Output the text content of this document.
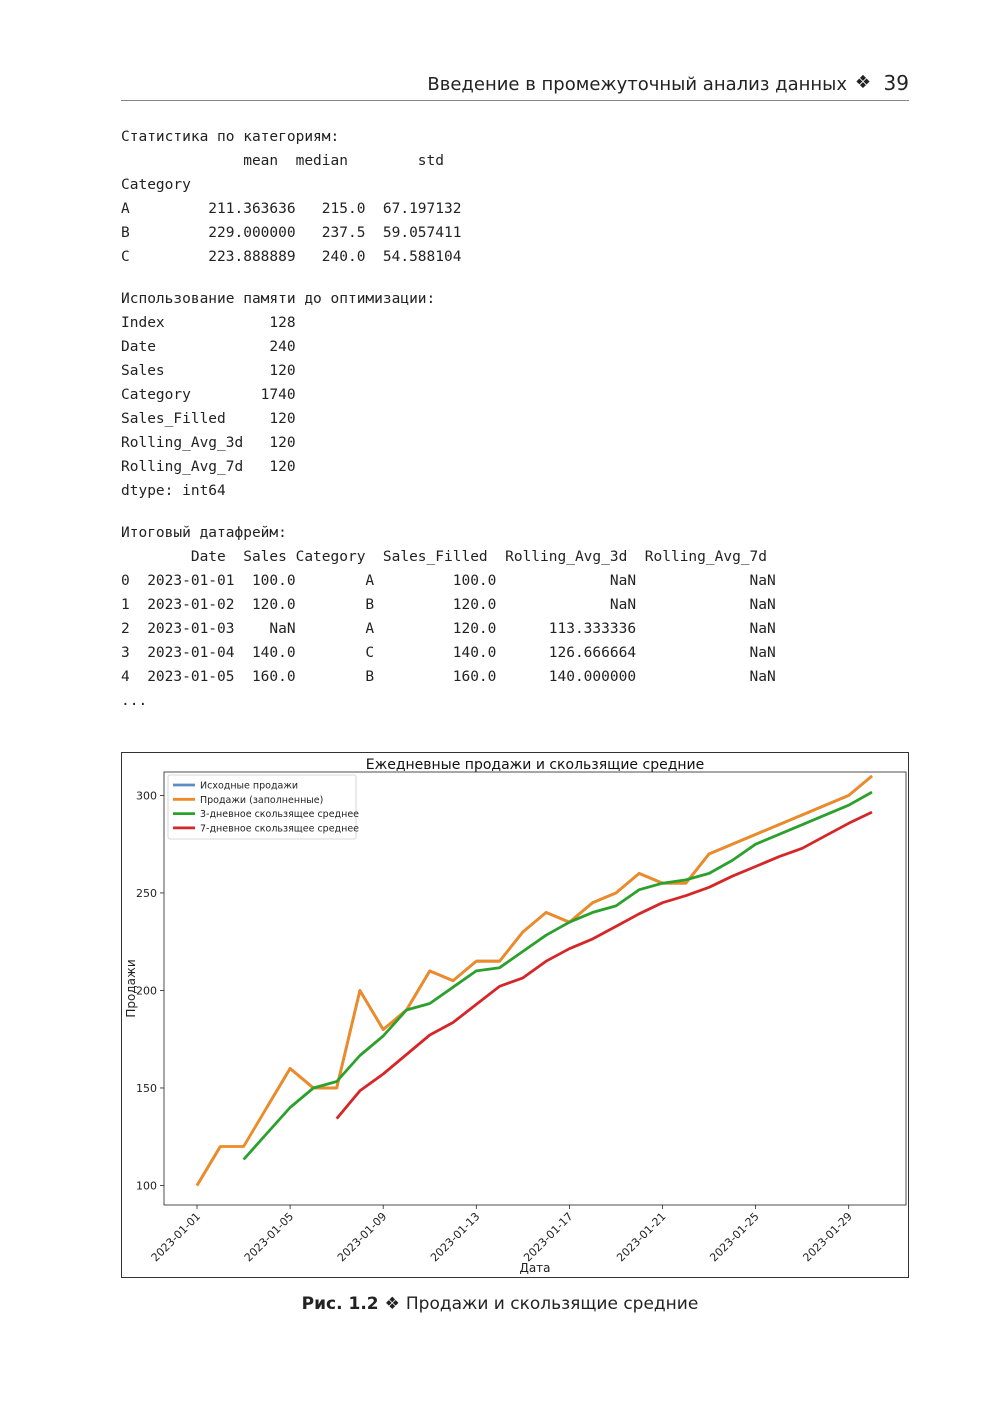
Введение в промежуточный анализ данных ❖ 39
Статистика по категориям:
mean  median        std
Category
A         211.363636   215.0  67.197132
B         229.000000   237.5  59.057411
C         223.888889   240.0  54.588104
Использование памяти до оптимизации:
Index            128
Date             240
Sales            120
Category        1740
Sales_Filled     120
Rolling_Avg_3d   120
Rolling_Avg_7d   120
dtype: int64
Итоговый датафрейм:
Date  Sales Category  Sales_Filled  Rolling_Avg_3d  Rolling_Avg_7d
0  2023-01-01  100.0        A         100.0             NaN             NaN
1  2023-01-02  120.0        B         120.0             NaN             NaN
2  2023-01-03    NaN        A         120.0      113.333336             NaN
3  2023-01-04  140.0        C         140.0      126.666664             NaN
4  2023-01-05  160.0        B         160.0      140.000000             NaN
...
Ежедневные продажи и скользящие средние
100
150
200
250
300
2023-01-01	2023-01-05	2023-01-09	2023-01-13	2023-01-17	2023-01-21	2023-01-25	2023-01-29
Дата
Продажи
Исходные продажи
Продажи (заполненные)
3-дневное скользящее среднее
7-дневное скользящее среднее
Рис. 1.2 ❖ Продажи и скользящие средние
